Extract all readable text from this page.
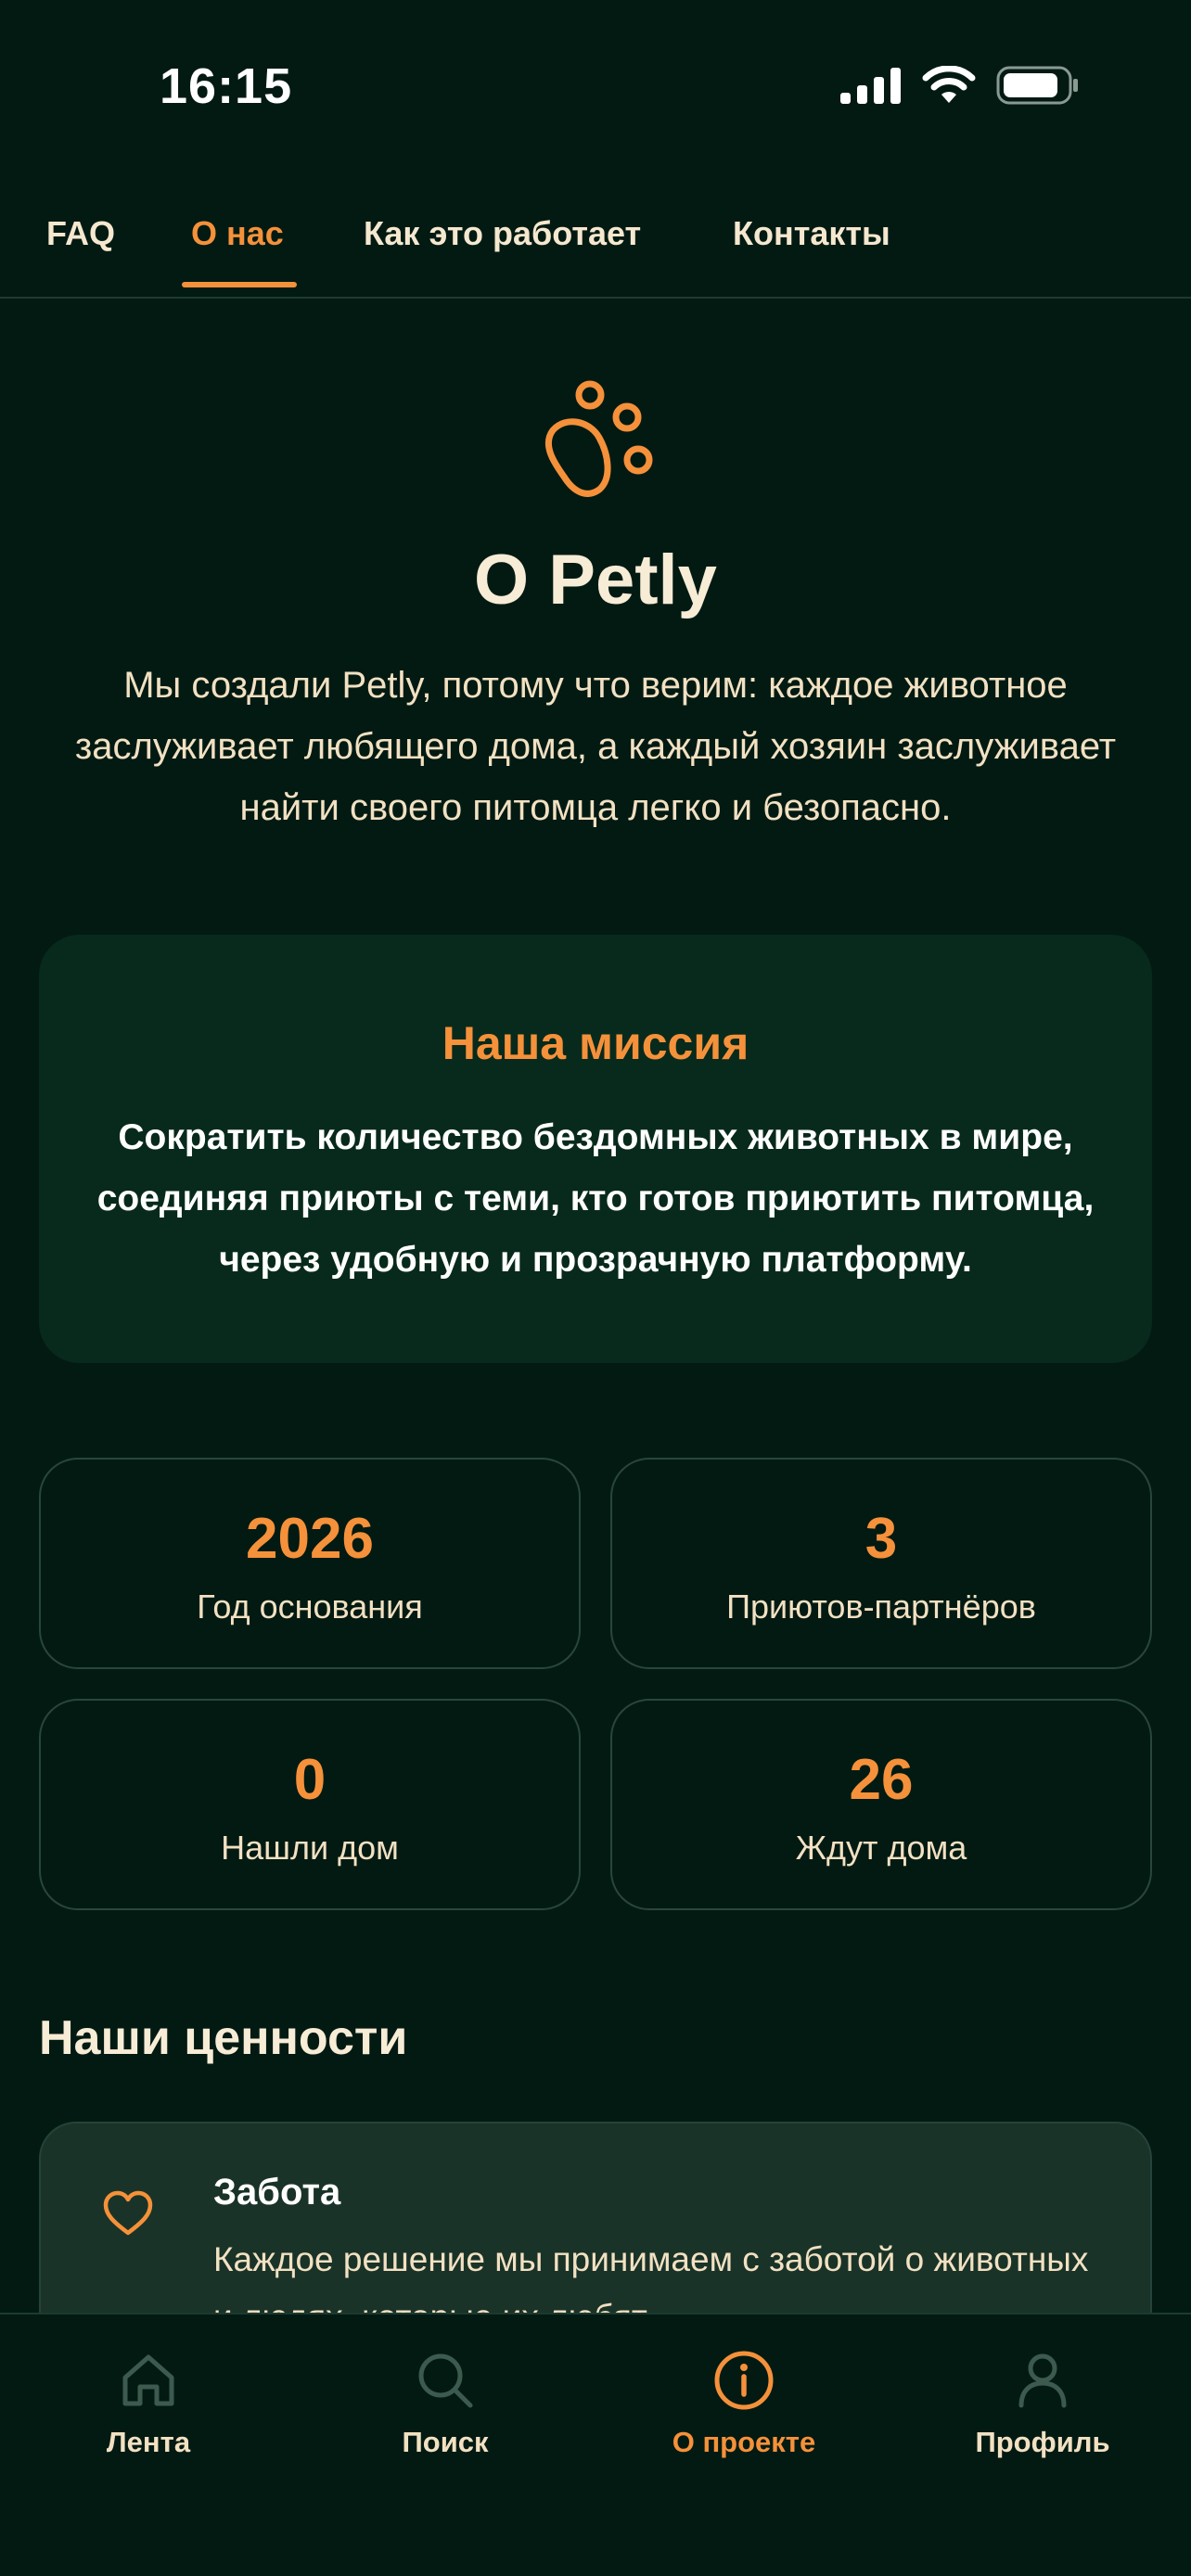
16:15
FAQ О нас Как это работает	Контакты
О Petly

Мы создали Petly, потому что верим: каждое животное заслуживает любящего дома, а каждый хозяин заслуживает найти своего питомца легко и безопасно.

Наша миссия

Сократить количество бездомных животных в мире, соединяя приюты с теми, кто готов приютить питомца, через удобную и прозрачную платформу.

2026
Год основания
3
Приютов-партнёров
0
Нашли дом
26
Ждут дома
Наши ценности
Забота

Каждое решение мы принимаем с заботой о животных

Лента	Поиск	О проекте	Профиль
